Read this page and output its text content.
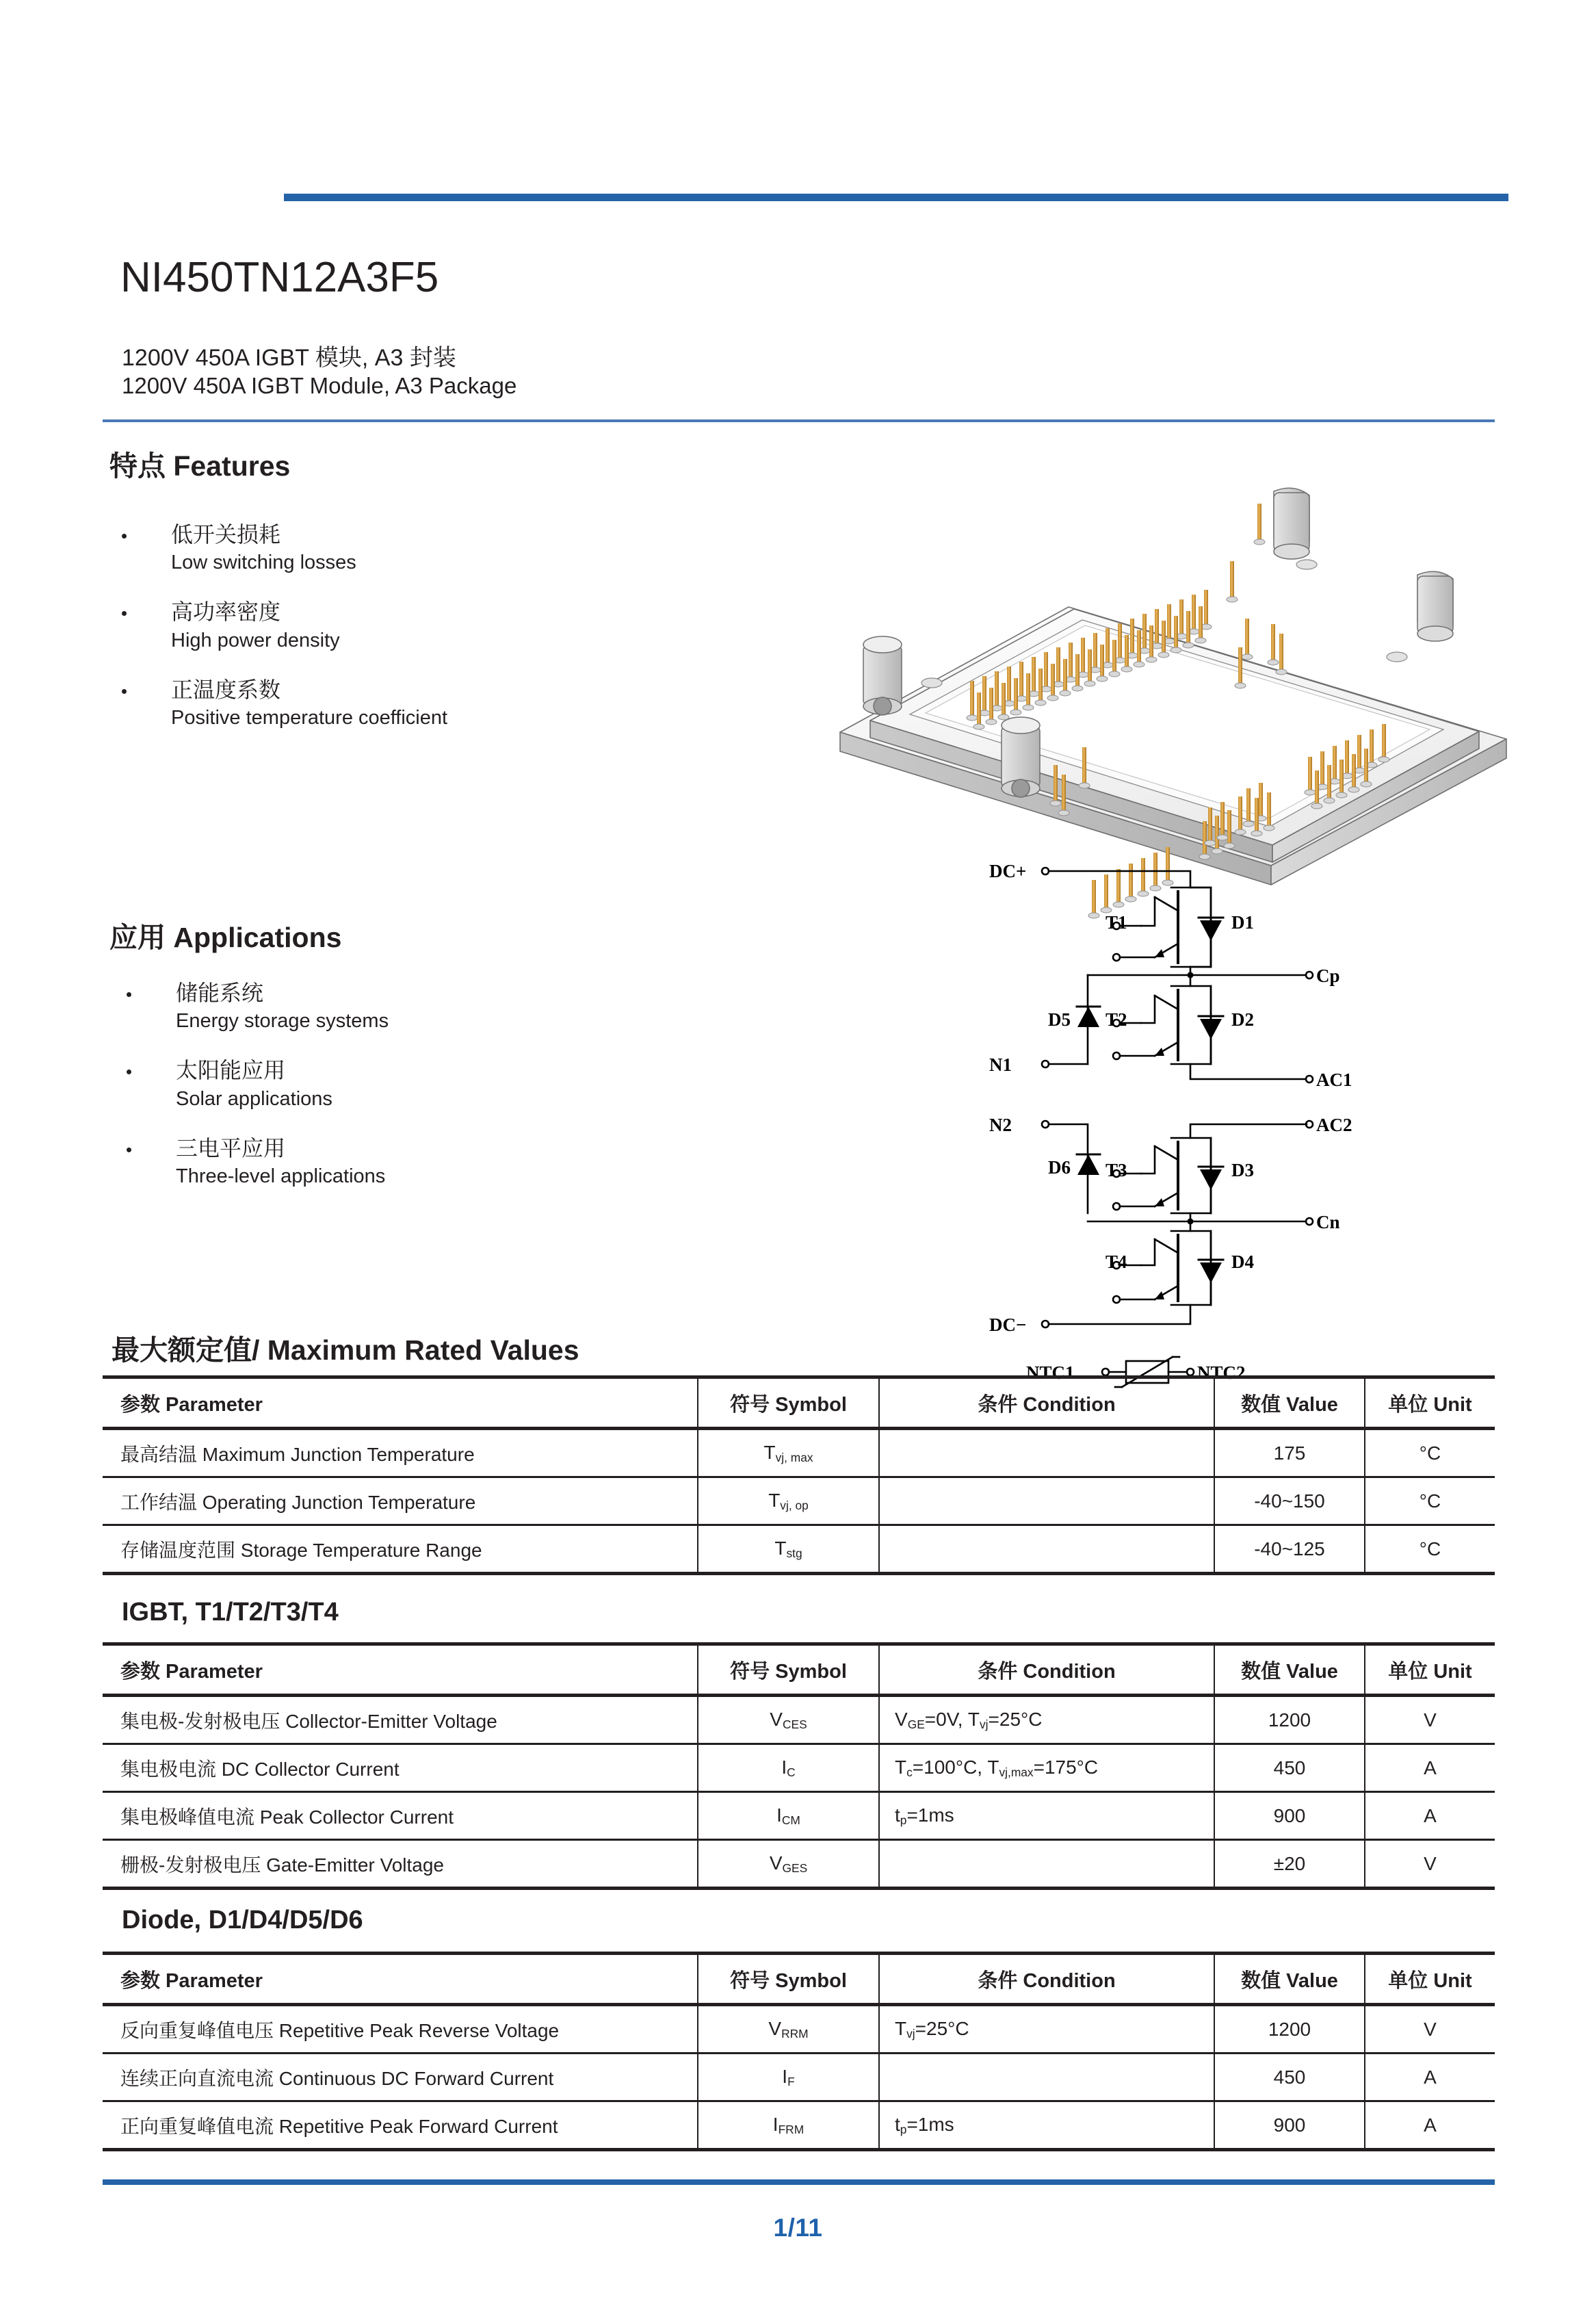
NI450TN12A3F5
1200V 450A IGBT 模块, A3 封装
1200V 450A IGBT Module, A3 Package
特点 Features
低开关损耗
Low switching losses
高功率密度
High power density
正温度系数
Positive temperature coefficient
应用 Applications
储能系统
Energy storage systems
太阳能应用
Solar applications
三电平应用
Three-level applications
DC+
Cp
N1
N2
AC1
AC2
Cn
DC−
NTC1	NTC2
T1
T2
T3
T4
D1
D2
D3
D4
D5
D6
最大额定值/ Maximum Rated Values
参数 Parameter	符号 Symbol	条件 Condition	数值 Value	单位 Unit
最高结温 Maximum Junction Temperature	$T_{vj, max}$		175	°C
工作结温 Operating Junction Temperature	$T_{vj, op}$		-40~150	°C
存储温度范围 Storage Temperature Range	$T_{stg}$		-40~125	°C
IGBT, T1/T2/T3/T4
参数 Parameter	符号 Symbol	条件 Condition	数值 Value	单位 Unit
集电极-发射极电压 Collector-Emitter Voltage	$V_{CES}$	$V_{GE}=0V$, $T_{vj}=25^\circ C$	1200	V
集电极电流 DC Collector Current	$I_C$	$T_c=100^\circ C$, $T_{vj,max}=175^\circ C$	450	A
集电极峰值电流 Peak Collector Current	$I_{CM}$	$t_p=1ms$	900	A
栅极-发射极电压 Gate-Emitter Voltage	$V_{GES}$		±20	V
Diode, D1/D4/D5/D6
参数 Parameter	符号 Symbol	条件 Condition	数值 Value	单位 Unit
反向重复峰值电压 Repetitive Peak Reverse Voltage	$V_{RRM}$	$T_{vj}=25^\circ C$	1200	V
连续正向直流电流 Continuous DC Forward Current	$I_F$		450	A
正向重复峰值电流 Repetitive Peak Forward Current	$I_{FRM}$	$t_p=1ms$	900	A
1/11
